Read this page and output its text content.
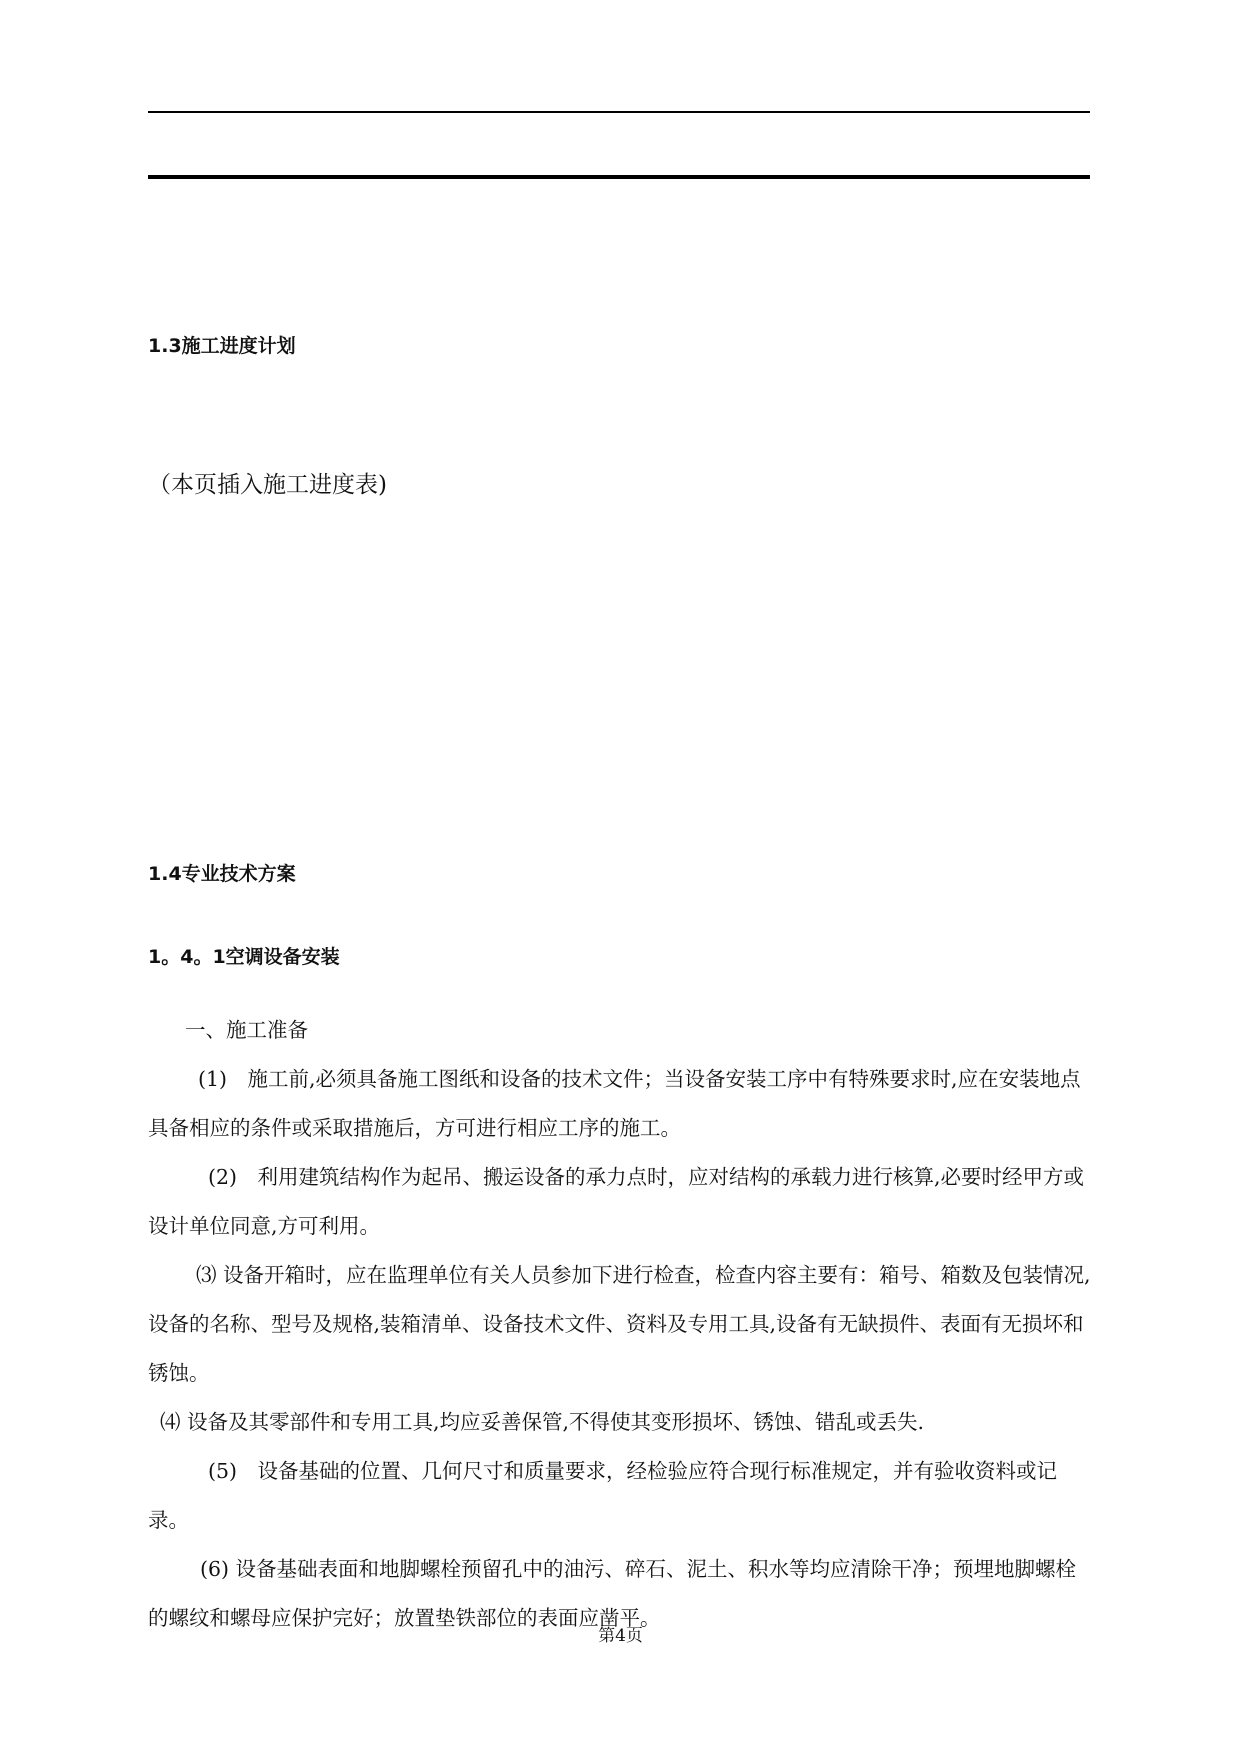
1.3施工进度计划
（本页插入施工进度表)
1.4专业技术方案
1。4。1空调设备安装

一、施工准备

(1)　施工前,必须具备施工图纸和设备的技术文件；当设备安装工序中有特殊要求时,应在安装地点具备相应的条件或采取措施后，方可进行相应工序的施工。

(2)　利用建筑结构作为起吊、搬运设备的承力点时，应对结构的承载力进行核算,必要时经甲方或设计单位同意,方可利用。

⑶ 设备开箱时，应在监理单位有关人员参加下进行检查，检查内容主要有：箱号、箱数及包装情况,设备的名称、型号及规格,装箱清单、设备技术文件、资料及专用工具,设备有无缺损件、表面有无损坏和锈蚀。

⑷ 设备及其零部件和专用工具,均应妥善保管,不得使其变形损坏、锈蚀、错乱或丢失.

(5)　设备基础的位置、几何尺寸和质量要求，经检验应符合现行标准规定，并有验收资料或记录。

(6) 设备基础表面和地脚螺栓预留孔中的油污、碎石、泥土、积水等均应清除干净；预埋地脚螺栓的螺纹和螺母应保护完好；放置垫铁部位的表面应凿平。

第4页
